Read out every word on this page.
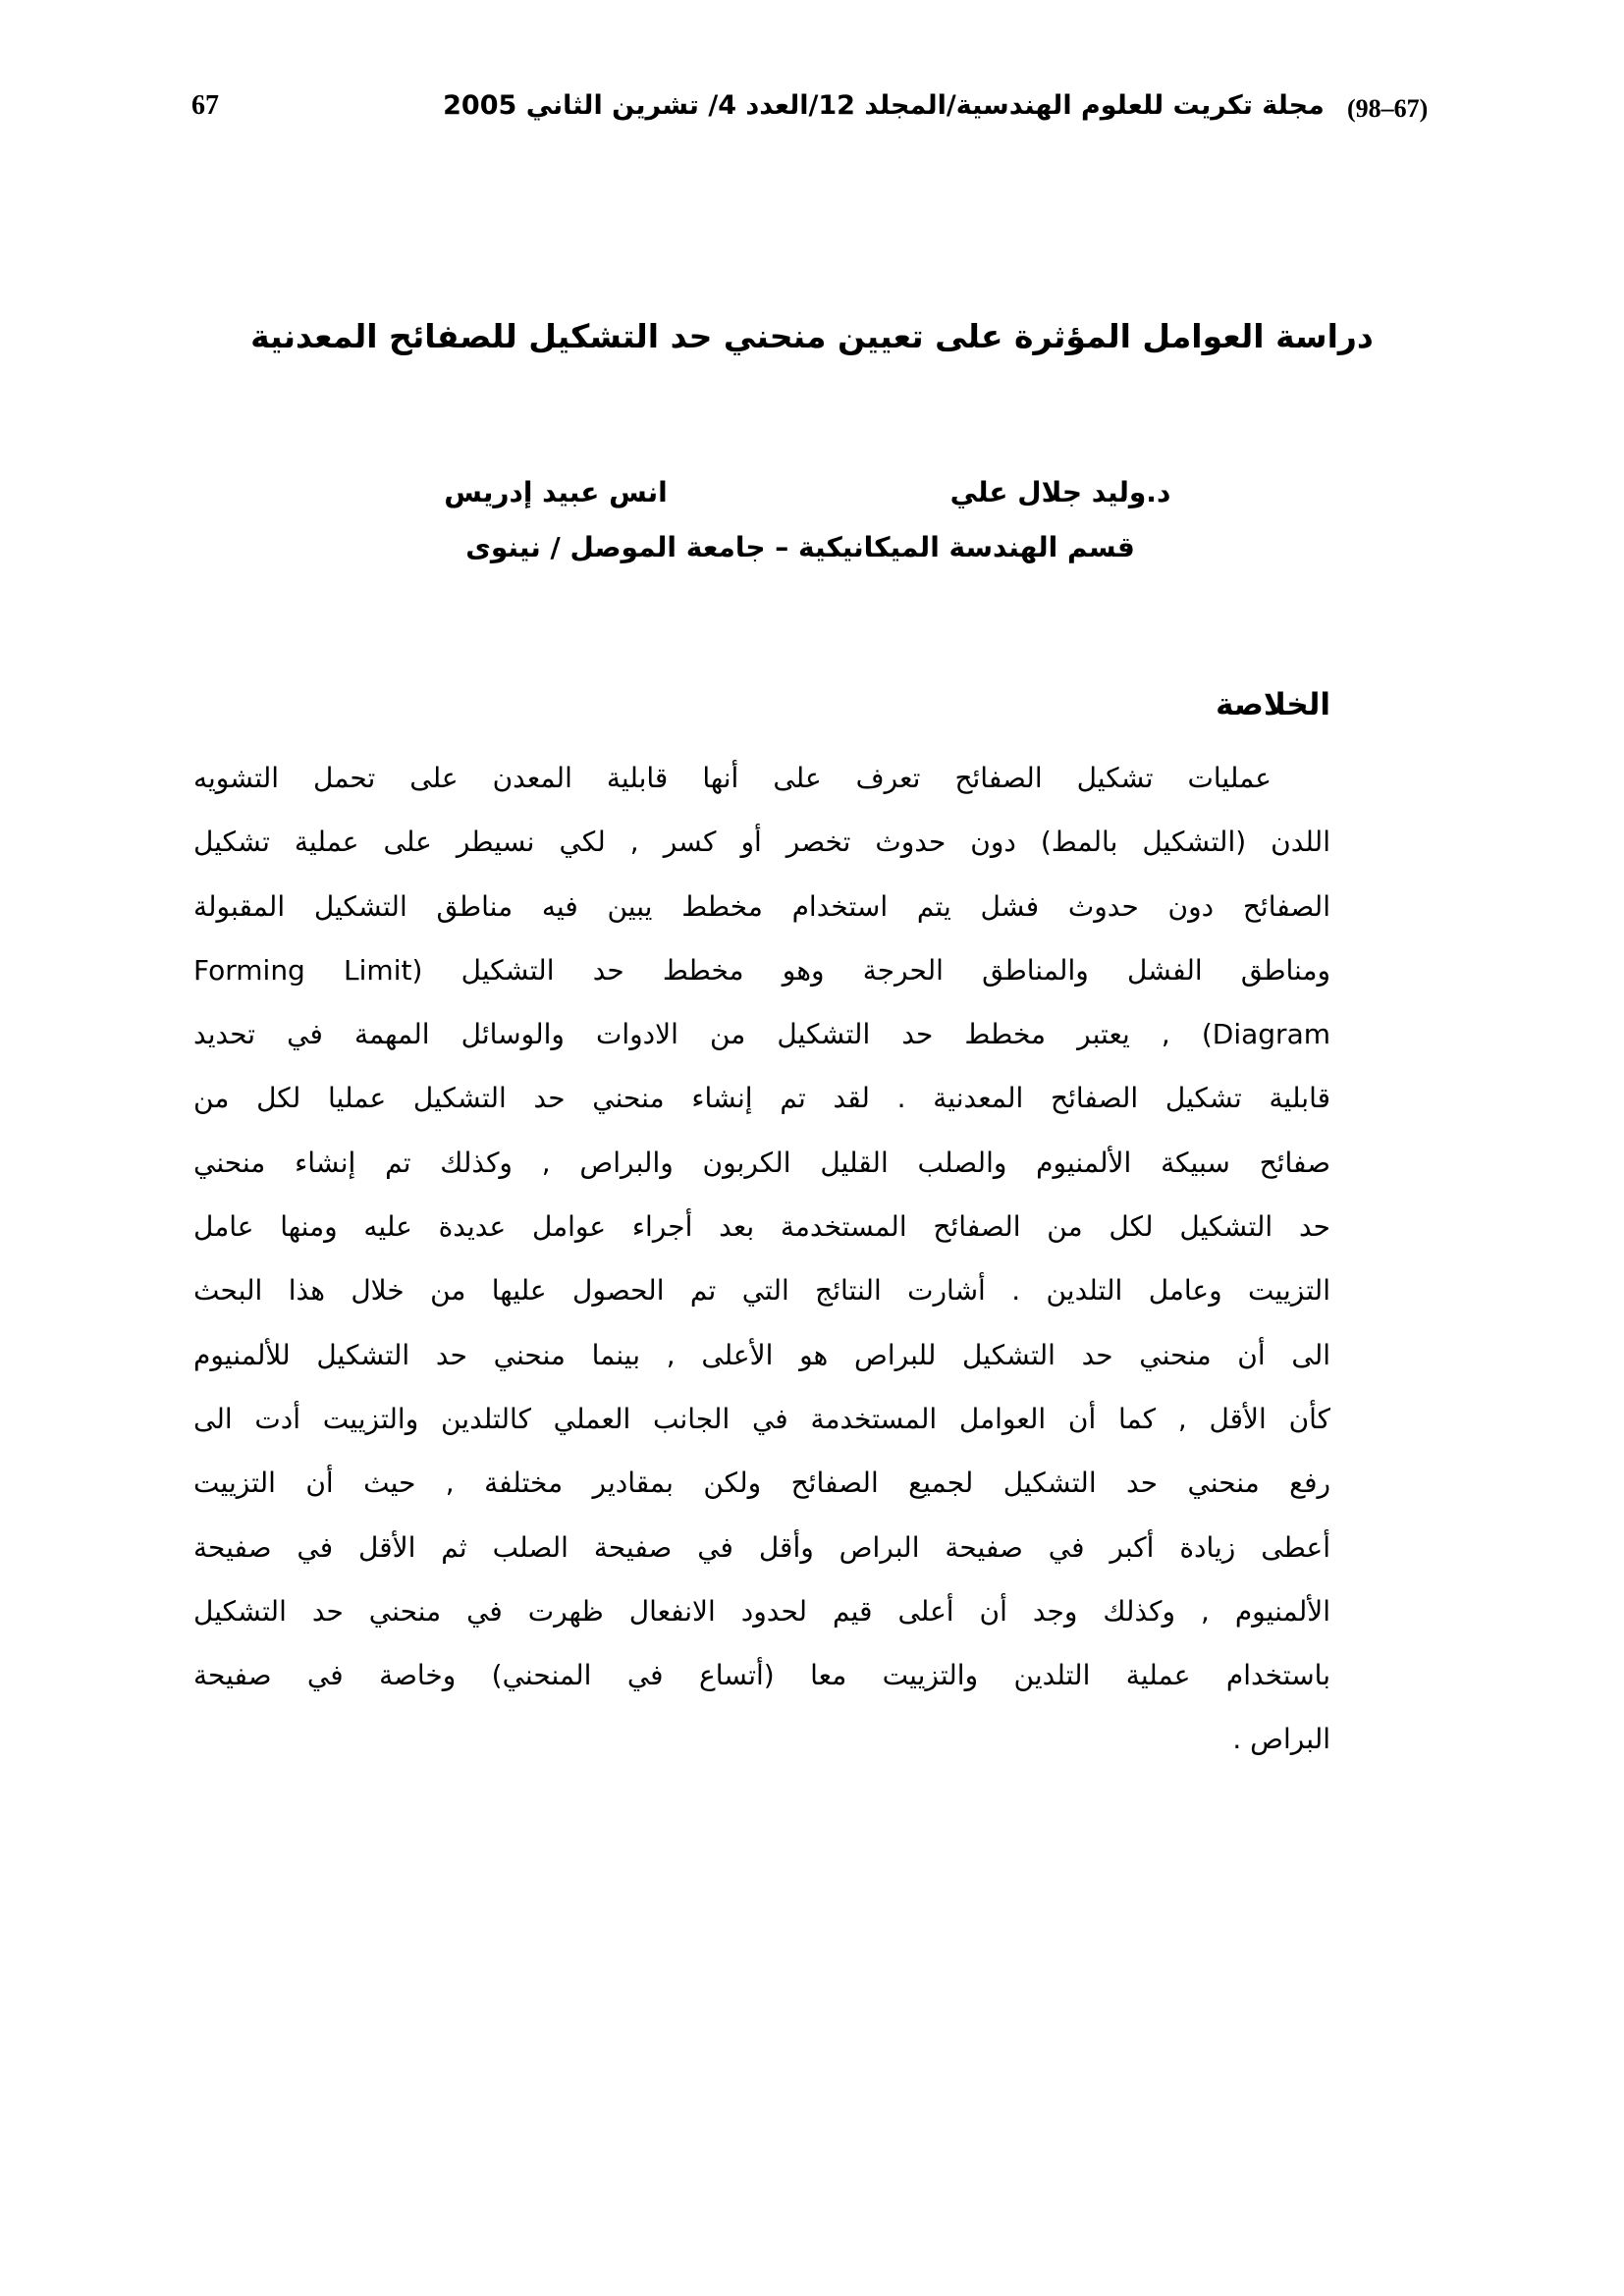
67	مجلة تكريت للعلوم الهندسية/المجلد 12/العدد 4/ تشرين الثاني 2005 (98–67)
دراسة العوامل المؤثرة على تعيين منحني حد التشكيل للصفائح المعدنية
د.وليد جلال علي
انس عبيد إدريس
قسم الهندسة الميكانيكية – جامعة الموصل / نينوى
الخلاصة
عمليات تشكيل الصفائح تعرف على أنها قابلية المعدن على تحمل التشويه
اللدن (التشكيل بالمط) دون حدوث تخصر أو كسر , لكي نسيطر على عملية تشكيل
الصفائح دون حدوث فشل يتم استخدام مخطط يبين فيه مناطق التشكيل المقبولة
ومناطق الفشل والمناطق الحرجة وهو مخطط حد التشكيل (Forming Limit
Diagram) , يعتبر مخطط حد التشكيل من الادوات والوسائل المهمة في تحديد
قابلية تشكيل الصفائح المعدنية . لقد تم إنشاء منحني حد التشكيل عمليا لكل من
صفائح سبيكة الألمنيوم والصلب القليل الكربون والبراص , وكذلك تم إنشاء منحني
حد التشكيل لكل من الصفائح المستخدمة بعد أجراء عوامل عديدة عليه ومنها عامل
التزييت وعامل التلدين . أشارت النتائج التي تم الحصول عليها من خلال هذا البحث
الى أن منحني حد التشكيل للبراص هو الأعلى , بينما منحني حد التشكيل للألمنيوم
كأن الأقل , كما أن العوامل المستخدمة في الجانب العملي كالتلدين والتزييت أدت الى
رفع منحني حد التشكيل لجميع الصفائح ولكن بمقادير مختلفة , حيث أن التزييت
أعطى زيادة أكبر في صفيحة البراص وأقل في صفيحة الصلب ثم الأقل في صفيحة
الألمنيوم , وكذلك وجد أن أعلى قيم لحدود الانفعال ظهرت في منحني حد التشكيل
باستخدام عملية التلدين والتزييت معا (أتساع في المنحني) وخاصة في صفيحة
البراص .
